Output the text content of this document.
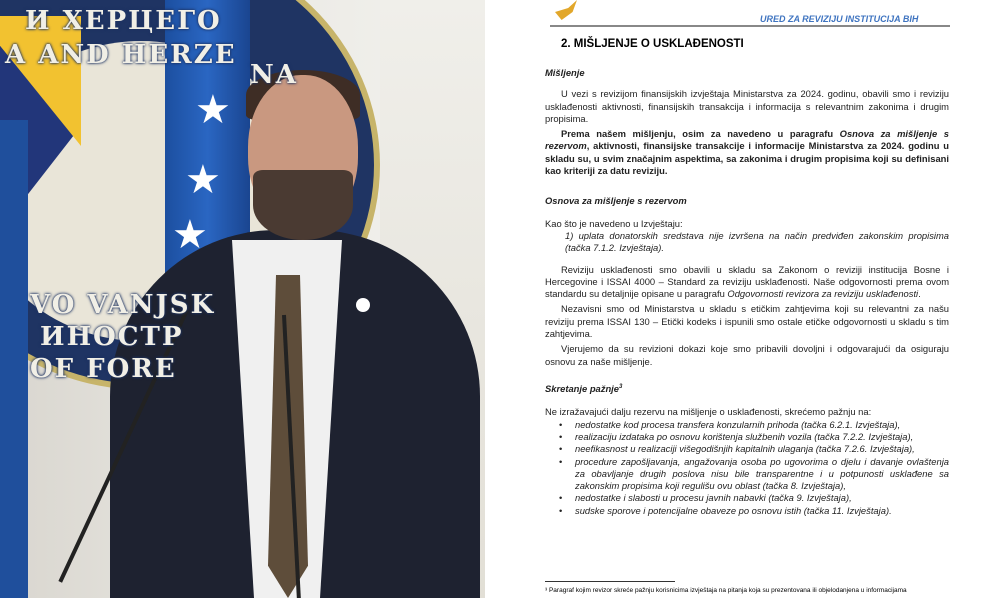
И ХЕРЦЕГО
A AND HERZE
NA
VO VANJSK
ИНОСТР
OF FORE
★
★
★
URED ZA REVIZIJU INSTITUCIJA BIH
2. MIŠLJENJE O USKLAĐENOSTI
Mišljenje
U vezi s revizijom finansijskih izvještaja Ministarstva za 2024. godinu, obavili smo i reviziju usklađenosti aktivnosti, finansijskih transakcija i informacija s relevantnim zakonima i drugim propisima.
Prema našem mišljenju, osim za navedeno u paragrafu Osnova za mišljenje s rezervom, aktivnosti, finansijske transakcije i informacije Ministarstva za 2024. godinu u skladu su, u svim značajnim aspektima, sa zakonima i drugim propisima koji su definisani kao kriteriji za datu reviziju.
Osnova za mišljenje s rezervom
Kao što je navedeno u Izvještaju:
1) uplata donatorskih sredstava nije izvršena na način predviđen zakonskim propisima (tačka 7.1.2. Izvještaja).
Reviziju usklađenosti smo obavili u skladu sa Zakonom o reviziji institucija Bosne i Hercegovine i ISSAI 4000 – Standard za reviziju usklađenosti. Naše odgovornosti prema ovom standardu su detaljnije opisane u paragrafu Odgovornosti revizora za reviziju usklađenosti.
Nezavisni smo od Ministarstva u skladu s etičkim zahtjevima koji su relevantni za našu reviziju prema ISSAI 130 – Etički kodeks i ispunili smo ostale etičke odgovornosti u skladu s tim zahtjevima.
Vjerujemo da su revizioni dokazi koje smo pribavili dovoljni i odgovarajući da osiguraju osnovu za naše mišljenje.
Skretanje pažnje$^3$
Ne izražavajući dalju rezervu na mišljenje o usklađenosti, skrećemo pažnju na:
• nedostatke kod procesa transfera konzularnih prihoda (tačka 6.2.1. Izvještaja),
• realizaciju izdataka po osnovu korištenja službenih vozila (tačka 7.2.2. Izvještaja),
• neefikasnost u realizaciji višegodišnjih kapitalnih ulaganja (tačka 7.2.6. Izvještaja),
• procedure zapošljavanja, angažovanja osoba po ugovorima o djelu i davanje ovlaštenja za obavljanje drugih poslova nisu bile transparentne i u potpunosti usklađene sa zakonskim propisima koji regulišu ovu oblast (tačka 8. Izvještaja),
• nedostatke i slabosti u procesu javnih nabavki (tačka 9. Izvještaja),
• sudske sporove i potencijalne obaveze po osnovu istih (tačka 11. Izvještaja).
³ Paragraf kojim revizor skreće pažnju korisnicima izvještaja na pitanja koja su prezentovana ili objelodanjena u informacijama
